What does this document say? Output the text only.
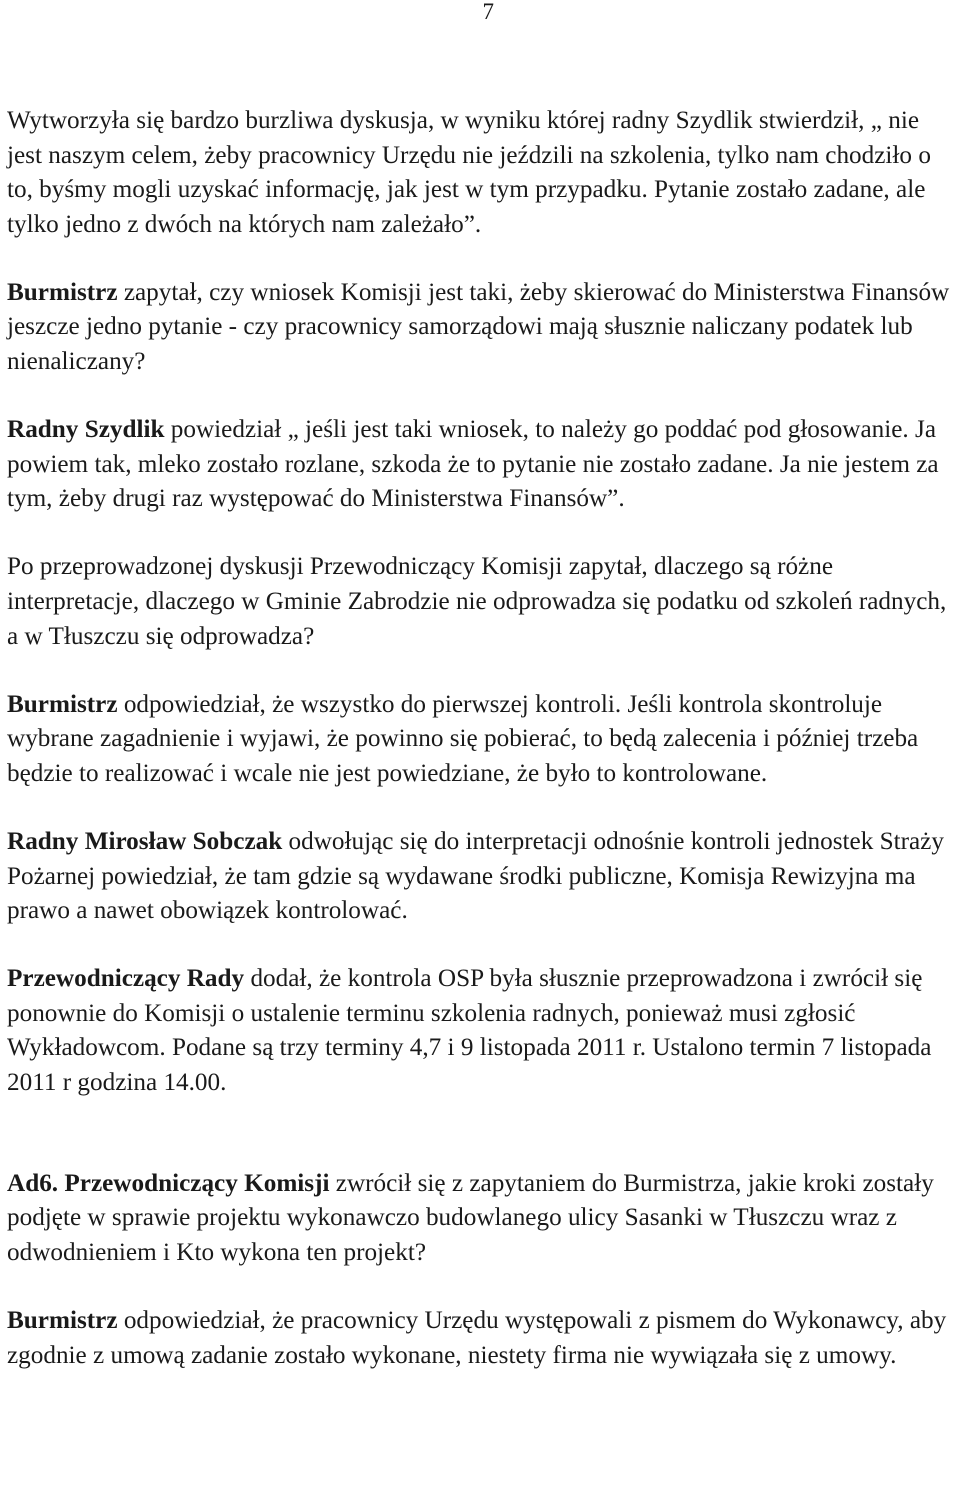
7

Wytworzyła się bardzo burzliwa dyskusja, w wyniku której radny Szydlik stwierdził, „ nie jest naszym celem, żeby pracownicy Urzędu nie jeździli na szkolenia, tylko nam chodziło o to, byśmy mogli uzyskać informację, jak jest w tym przypadku. Pytanie zostało zadane, ale tylko jedno z dwóch na których nam zależało”.

Burmistrz zapytał, czy wniosek Komisji jest taki, żeby skierować do Ministerstwa Finansów jeszcze jedno pytanie - czy pracownicy samorządowi mają słusznie naliczany podatek lub nienaliczany?

Radny Szydlik powiedział „ jeśli jest taki wniosek, to należy go poddać pod głosowanie. Ja powiem tak, mleko zostało rozlane, szkoda że to pytanie nie zostało zadane. Ja nie jestem za tym, żeby drugi raz występować do Ministerstwa Finansów”.

Po przeprowadzonej dyskusji Przewodniczący Komisji zapytał, dlaczego są różne interpretacje, dlaczego w Gminie Zabrodzie nie odprowadza się podatku od szkoleń radnych, a w Tłuszczu się odprowadza?

Burmistrz odpowiedział, że wszystko do pierwszej kontroli. Jeśli kontrola skontroluje wybrane zagadnienie i wyjawi, że powinno się pobierać, to będą zalecenia i później trzeba będzie to realizować i wcale nie jest powiedziane, że było to kontrolowane.

Radny Mirosław Sobczak odwołując się do interpretacji odnośnie kontroli jednostek Straży Pożarnej powiedział, że tam gdzie są wydawane środki publiczne, Komisja Rewizyjna ma prawo a nawet obowiązek kontrolować.

Przewodniczący Rady dodał, że kontrola OSP była słusznie przeprowadzona i zwrócił się ponownie do Komisji o ustalenie terminu szkolenia radnych, ponieważ musi zgłosić Wykładowcom. Podane są trzy terminy 4,7 i 9 listopada 2011 r. Ustalono termin 7 listopada 2011 r godzina 14.00.

Ad6. Przewodniczący Komisji zwrócił się z zapytaniem do Burmistrza, jakie kroki zostały podjęte w sprawie projektu wykonawczo budowlanego ulicy Sasanki w Tłuszczu wraz z odwodnieniem i Kto wykona ten projekt?

Burmistrz odpowiedział, że pracownicy Urzędu występowali z pismem do Wykonawcy, aby zgodnie z umową zadanie zostało wykonane, niestety firma nie wywiązała się z umowy.
